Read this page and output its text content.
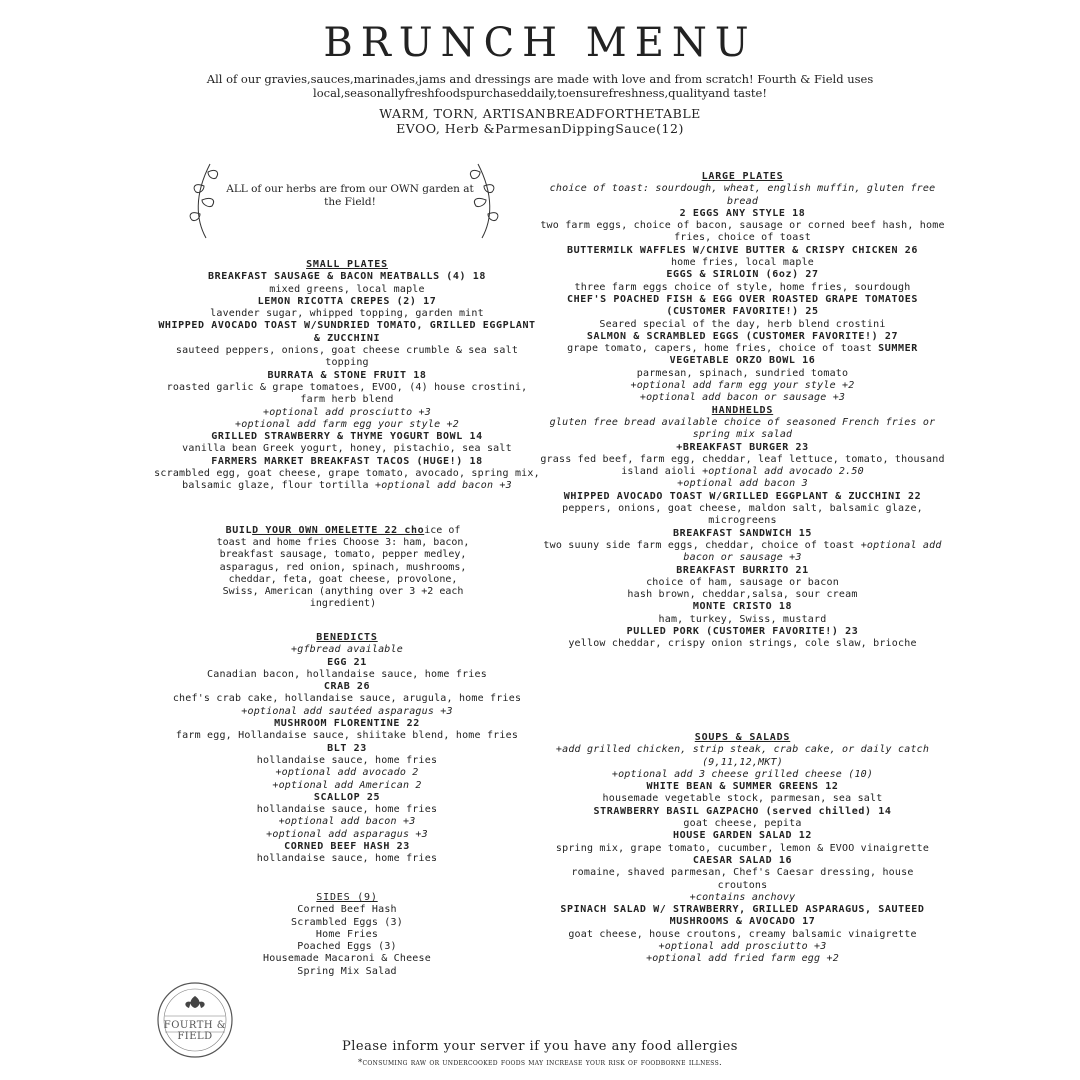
BRUNCH MENU
All of our gravies,sauces,marinades,jams and dressings are made with love and from scratch! Fourth & Field uses local,seasonallyfreshfoodspurchaseddaily,toensurefreshness,qualityand taste!
WARM, TORN, ARTISANBREADFORTHETABLE
EVOO, Herb &ParmesanDippingSauce(12)
ALL of our herbs are from our OWN garden at the Field!
SMALL PLATES
BREAKFAST SAUSAGE & BACON MEATBALLS (4) 18
mixed greens, local maple
LEMON RICOTTA CREPES (2) 17
lavender sugar, whipped topping, garden mint
WHIPPED AVOCADO TOAST W/SUNDRIED TOMATO, GRILLED EGGPLANT & ZUCCHINI
sauteed peppers, onions, goat cheese crumble & sea salt topping
BURRATA & STONE FRUIT 18
roasted garlic & grape tomatoes, EVOO, (4) house crostini, farm herb blend
+optional add prosciutto +3
+optional add farm egg your style +2
GRILLED STRAWBERRY & THYME YOGURT BOWL 14
vanilla bean Greek yogurt, honey, pistachio, sea salt
FARMERS MARKET BREAKFAST TACOS (HUGE!) 18
scrambled egg, goat cheese, grape tomato, avocado, spring mix, balsamic glaze, flour tortilla +optional add bacon +3
BUILD YOUR OWN OMELETTE 22 choice of
toast and home fries Choose 3: ham, bacon, breakfast sausage, tomato, pepper medley, asparagus, red onion, spinach, mushrooms, cheddar, feta, goat cheese, provolone, Swiss, American (anything over 3 +2 each ingredient)
BENEDICTS
+gfbread available
EGG 21
Canadian bacon, hollandaise sauce, home fries
CRAB 26
chef's crab cake, hollandaise sauce, arugula, home fries
+optional add sautéed asparagus +3
MUSHROOM FLORENTINE 22
farm egg, Hollandaise sauce, shiitake blend, home fries
BLT 23
hollandaise sauce, home fries
+optional add avocado 2
+optional add American 2
SCALLOP 25
hollandaise sauce, home fries
+optional add bacon +3
+optional add asparagus +3
CORNED BEEF HASH 23
hollandaise sauce, home fries
SIDES (9)
Corned Beef Hash
Scrambled Eggs (3)
Home Fries
Poached Eggs (3)
Housemade Macaroni & Cheese
Spring Mix Salad
LARGE PLATES
choice of toast: sourdough, wheat, english muffin, gluten free bread
2 EGGS ANY STYLE 18
two farm eggs, choice of bacon, sausage or corned beef hash, home fries, choice of toast
BUTTERMILK WAFFLES W/CHIVE BUTTER & CRISPY CHICKEN 26
home fries, local maple
EGGS & SIRLOIN (6oz) 27
three farm eggs choice of style, home fries, sourdough
CHEF'S POACHED FISH & EGG OVER ROASTED GRAPE TOMATOES (CUSTOMER FAVORITE!) 25
Seared special of the day, herb blend crostini
SALMON & SCRAMBLED EGGS (CUSTOMER FAVORITE!) 27
grape tomato, capers, home fries, choice of toast SUMMER
VEGETABLE ORZO BOWL 16
parmesan, spinach, sundried tomato
+optional add farm egg your style +2
+optional add bacon or sausage +3
HANDHELDS
gluten free bread available choice of seasoned French fries or spring mix salad
+BREAKFAST BURGER 23
grass fed beef, farm egg, cheddar, leaf lettuce, tomato, thousand island aioli +optional add avocado 2.50
+optional add bacon 3
WHIPPED AVOCADO TOAST W/GRILLED EGGPLANT & ZUCCHINI 22
peppers, onions, goat cheese, maldon salt, balsamic glaze, microgreens
BREAKFAST SANDWICH 15
two suuny side farm eggs, cheddar, choice of toast +optional add bacon or sausage +3
BREAKFAST BURRITO 21
choice of ham, sausage or bacon
hash brown, cheddar,salsa, sour cream
MONTE CRISTO 18
ham, turkey, Swiss, mustard
PULLED PORK (CUSTOMER FAVORITE!) 23
yellow cheddar, crispy onion strings, cole slaw, brioche
SOUPS & SALADS
+add grilled chicken, strip steak, crab cake, or daily catch (9,11,12,MKT)
+optional add 3 cheese grilled cheese (10)
WHITE BEAN & SUMMER GREENS 12
housemade vegetable stock, parmesan, sea salt
STRAWBERRY BASIL GAZPACHO (served chilled) 14
goat cheese, pepita
HOUSE GARDEN SALAD 12
spring mix, grape tomato, cucumber, lemon & EVOO vinaigrette
CAESAR SALAD 16
romaine, shaved parmesan, Chef's Caesar dressing, house croutons
+contains anchovy
SPINACH SALAD W/ STRAWBERRY, GRILLED ASPARAGUS, SAUTEED MUSHROOMS & AVOCADO 17
goat cheese, house croutons, creamy balsamic vinaigrette
+optional add prosciutto +3
+optional add fried farm egg +2
FOURTH & FIELD
Please inform your server if you have any food allergies
*consuming raw or undercooked foods may increase your risk of foodborne illness.
